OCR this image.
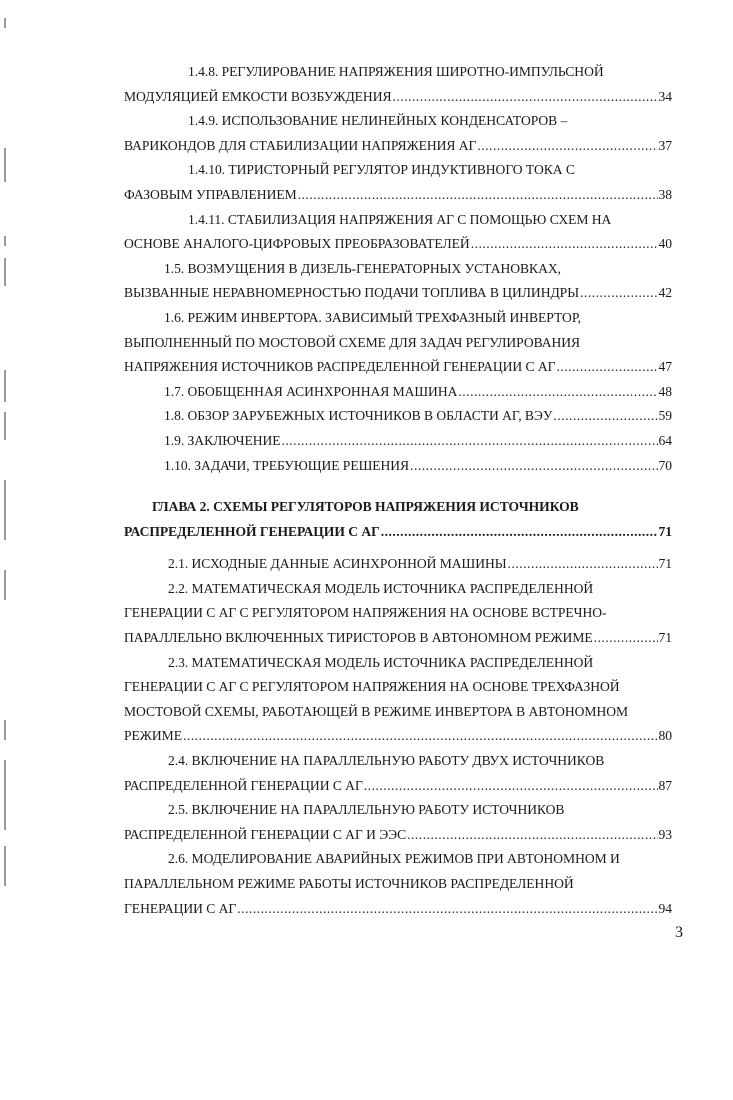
1.4.8. РЕГУЛИРОВАНИЕ НАПРЯЖЕНИЯ ШИРОТНО-ИМПУЛЬСНОЙ
МОДУЛЯЦИЕЙ ЕМКОСТИ ВОЗБУЖДЕНИЯ .....	34
1.4.9. ИСПОЛЬЗОВАНИЕ НЕЛИНЕЙНЫХ КОНДЕНСАТОРОВ –
ВАРИКОНДОВ ДЛЯ СТАБИЛИЗАЦИИ НАПРЯЖЕНИЯ АГ .....	37
1.4.10. ТИРИСТОРНЫЙ РЕГУЛЯТОР ИНДУКТИВНОГО ТОКА С
ФАЗОВЫМ УПРАВЛЕНИЕМ .....	38
1.4.11. СТАБИЛИЗАЦИЯ НАПРЯЖЕНИЯ АГ С ПОМОЩЬЮ СХЕМ НА
ОСНОВЕ АНАЛОГО-ЦИФРОВЫХ ПРЕОБРАЗОВАТЕЛЕЙ .....	40
1.5. ВОЗМУЩЕНИЯ В ДИЗЕЛЬ-ГЕНЕРАТОРНЫХ УСТАНОВКАХ,
ВЫЗВАННЫЕ НЕРАВНОМЕРНОСТЬЮ ПОДАЧИ ТОПЛИВА В ЦИЛИНДРЫ .....	42
1.6. РЕЖИМ ИНВЕРТОРА. ЗАВИСИМЫЙ ТРЕХФАЗНЫЙ ИНВЕРТОР,
ВЫПОЛНЕННЫЙ ПО МОСТОВОЙ СХЕМЕ ДЛЯ ЗАДАЧ РЕГУЛИРОВАНИЯ
НАПРЯЖЕНИЯ ИСТОЧНИКОВ РАСПРЕДЕЛЕННОЙ ГЕНЕРАЦИИ С АГ .....	47
1.7. ОБОБЩЕННАЯ АСИНХРОННАЯ МАШИНА .....	48
1.8. ОБЗОР ЗАРУБЕЖНЫХ ИСТОЧНИКОВ В ОБЛАСТИ АГ, ВЭУ .....	59
1.9. ЗАКЛЮЧЕНИЕ .....	64
1.10. ЗАДАЧИ, ТРЕБУЮЩИЕ РЕШЕНИЯ .....	70
ГЛАВА 2. СХЕМЫ РЕГУЛЯТОРОВ НАПРЯЖЕНИЯ ИСТОЧНИКОВ
РАСПРЕДЕЛЕННОЙ ГЕНЕРАЦИИ С АГ .....	71
2.1. ИСХОДНЫЕ ДАННЫЕ АСИНХРОННОЙ МАШИНЫ .....	71
2.2. МАТЕМАТИЧЕСКАЯ МОДЕЛЬ ИСТОЧНИКА РАСПРЕДЕЛЕННОЙ
ГЕНЕРАЦИИ С АГ С РЕГУЛЯТОРОМ НАПРЯЖЕНИЯ НА ОСНОВЕ ВСТРЕЧНО-
ПАРАЛЛЕЛЬНО ВКЛЮЧЕННЫХ ТИРИСТОРОВ В АВТОНОМНОМ РЕЖИМЕ .....	71
2.3. МАТЕМАТИЧЕСКАЯ МОДЕЛЬ ИСТОЧНИКА РАСПРЕДЕЛЕННОЙ
ГЕНЕРАЦИИ С АГ С РЕГУЛЯТОРОМ НАПРЯЖЕНИЯ НА ОСНОВЕ ТРЕХФАЗНОЙ
МОСТОВОЙ СХЕМЫ, РАБОТАЮЩЕЙ В РЕЖИМЕ ИНВЕРТОРА В АВТОНОМНОМ
РЕЖИМЕ .....	80
2.4. ВКЛЮЧЕНИЕ НА ПАРАЛЛЕЛЬНУЮ РАБОТУ ДВУХ ИСТОЧНИКОВ
РАСПРЕДЕЛЕННОЙ ГЕНЕРАЦИИ С АГ .....	87
2.5. ВКЛЮЧЕНИЕ НА ПАРАЛЛЕЛЬНУЮ РАБОТУ ИСТОЧНИКОВ
РАСПРЕДЕЛЕННОЙ ГЕНЕРАЦИИ С АГ И ЭЭС .....	93
2.6. МОДЕЛИРОВАНИЕ АВАРИЙНЫХ РЕЖИМОВ ПРИ АВТОНОМНОМ И
ПАРАЛЛЕЛЬНОМ РЕЖИМЕ РАБОТЫ ИСТОЧНИКОВ РАСПРЕДЕЛЕННОЙ
ГЕНЕРАЦИИ С АГ .....	94
3
